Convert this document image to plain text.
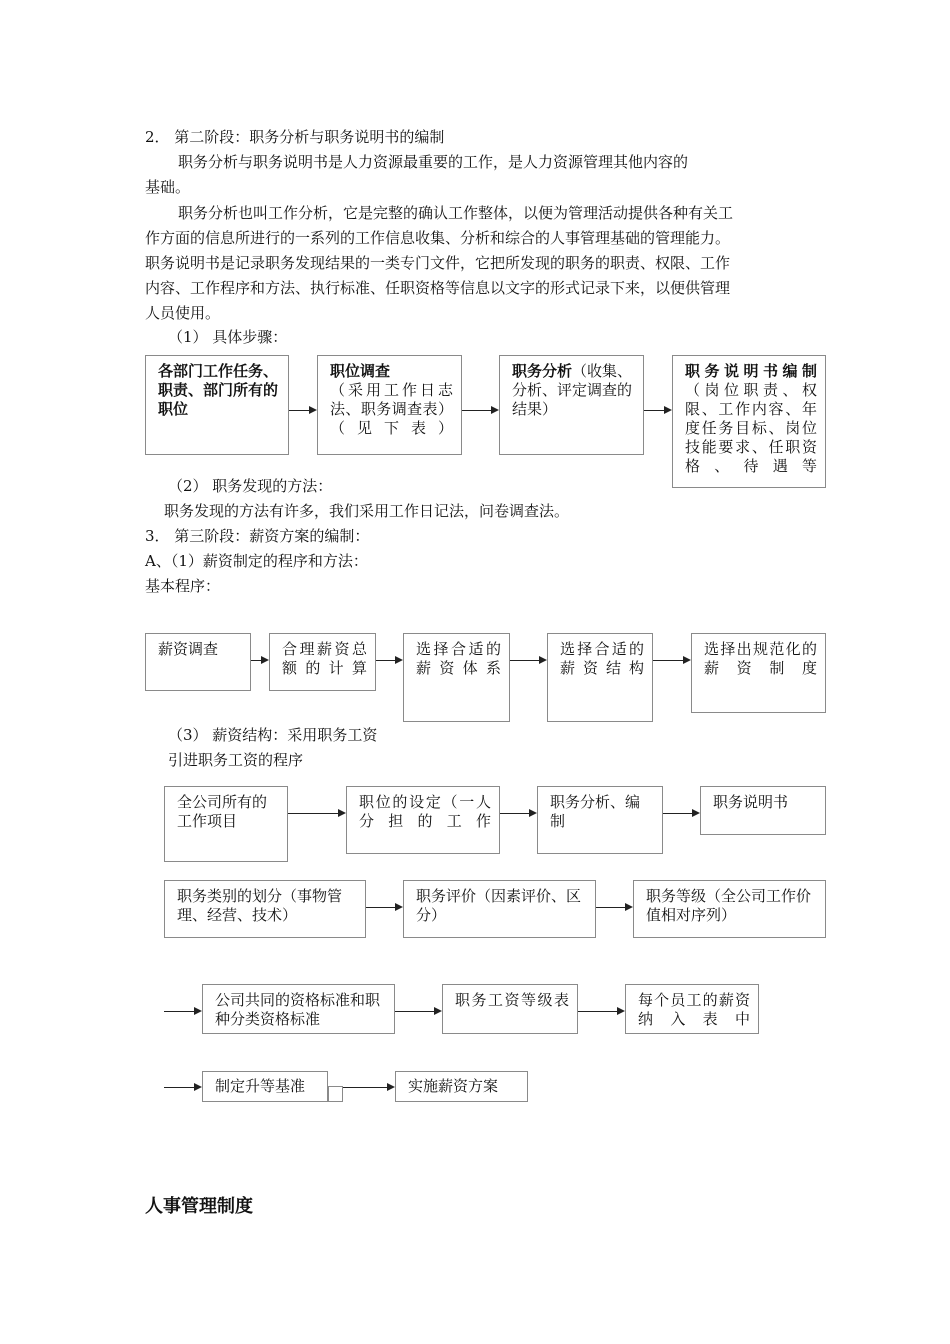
2． 第二阶段：职务分析与职务说明书的编制
职务分析与职务说明书是人力资源最重要的工作，是人力资源管理其他内容的
基础。
职务分析也叫工作分析，它是完整的确认工作整体，以便为管理活动提供各种有关工
作方面的信息所进行的一系列的工作信息收集、分析和综合的人事管理基础的管理能力。
职务说明书是记录职务发现结果的一类专门文件，它把所发现的职务的职责、权限、工作
内容、工作程序和方法、执行标准、任职资格等信息以文字的形式记录下来，以便供管理
人员使用。
（1） 具体步骤：
各部门工作任务、职责、部门所有的职位
职位调查
（采用工作日志法、职务调查表）（见下表）
职务分析（收集、分析、评定调查的结果）
职务说明书编制
（岗位职责、权限、工作内容、年度任务目标、岗位技能要求、任职资格、待遇等
（2） 职务发现的方法：
职务发现的方法有许多，我们采用工作日记法，问卷调查法。
3． 第三阶段：薪资方案的编制：
A、（1）薪资制定的程序和方法：
基本程序：
薪资调查	合理薪资总额的计算
选择合适的薪资体系
选择合适的薪资结构
选择出规范化的薪资制度
（3） 薪资结构：采用职务工资
引进职务工资的程序
全公司所有的工作项目
职位的设定（一人分担的工作
职务分析、编制
职务说明书
职务类别的划分（事物管理、经营、技术）
职务评价（因素评价、区分）
职务等级（全公司工作价值相对序列）
公司共同的资格标准和职种分类资格标准
职务工资等级表	每个员工的薪资纳入表中
制定升等基准	实施薪资方案
人事管理制度
